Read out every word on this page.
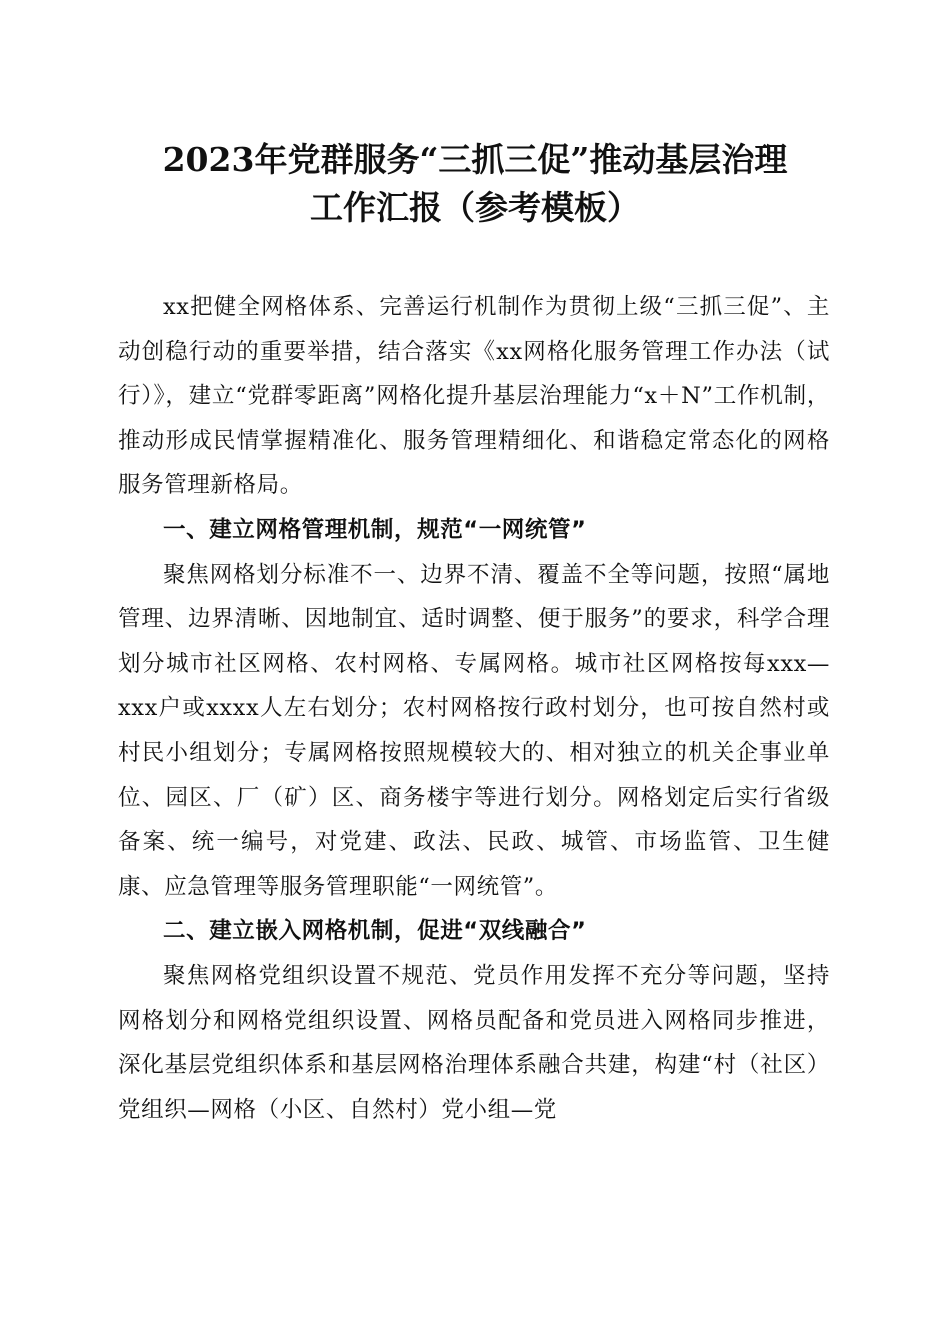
2023年党群服务“三抓三促”推动基层治理
工作汇报（参考模板）

xx把健全网格体系、完善运行机制作为贯彻上级“三抓三促”、主动创稳行动的重要举措，结合落实《xx网格化服务管理工作办法（试行）》，建立“党群零距离”网格化提升基层治理能力“x＋N”工作机制，推动形成民情掌握精准化、服务管理精细化、和谐稳定常态化的网格服务管理新格局。

一、建立网格管理机制，规范“一网统管”

聚焦网格划分标准不一、边界不清、覆盖不全等问题，按照“属地管理、边界清晰、因地制宜、适时调整、便于服务”的要求，科学合理划分城市社区网格、农村网格、专属网格。城市社区网格按每xxx—xxx户或xxxx人左右划分；农村网格按行政村划分，也可按自然村或村民小组划分；专属网格按照规模较大的、相对独立的机关企事业单位、园区、厂（矿）区、商务楼宇等进行划分。网格划定后实行省级备案、统一编号，对党建、政法、民政、城管、市场监管、卫生健康、应急管理等服务管理职能“一网统管”。

二、建立嵌入网格机制，促进“双线融合”

聚焦网格党组织设置不规范、党员作用发挥不充分等问题，坚持网格划分和网格党组织设置、网格员配备和党员进入网格同步推进，深化基层党组织体系和基层网格治理体系融合共建，构建“村（社区）党组织—网格（小区、自然村）党小组—党
